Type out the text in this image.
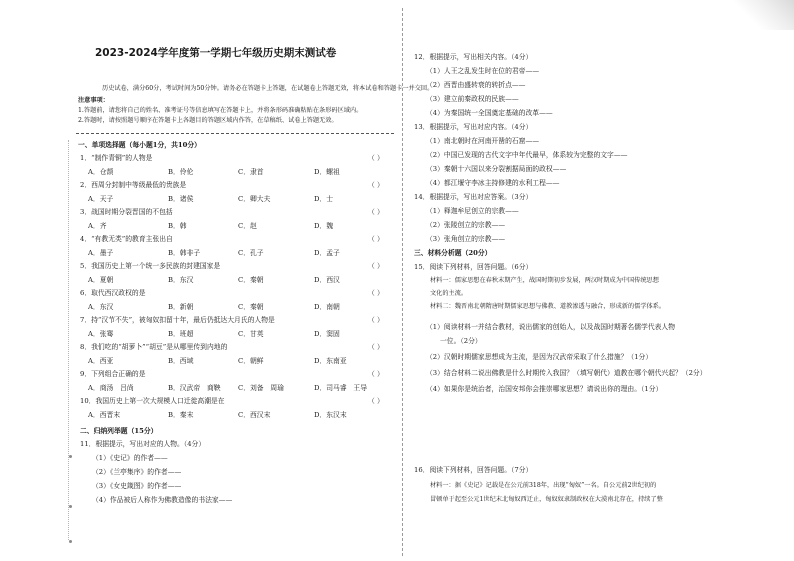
2023-2024学年度第一学期七年级历史期末测试卷
历史试卷，满分60分，考试时间为50分钟。请务必在答题卡上答题，在试题卷上答题无效，将本试卷和答题卡一并交回。
注意事项：
1.答题前，请您将自己的姓名、准考证号等信息填写在答题卡上，并将条形码准确粘贴在条形码区域内。
2.答题时，请按照题号顺序在答题卡上各题目的答题区域内作答，在草稿纸、试卷上答题无效。
一、单项选择题（每小题1分，共10分）
1．“制作青铜”的人物是	（ ）
A．仓颉	B．伶伦	C．隶首	D．螺祖
2．西周分封制中等级最低的贵族是	（ ）
A．天子	B．诸侯	C．卿大夫	D．士
3．战国时期分裂晋国的不包括	（ ）
A．齐	B．韩	C．赵	D．魏
4．“有教无类”的教育主张出自	（ ）
A．墨子	B．韩非子	C．孔子	D．孟子
5．我国历史上第一个统一多民族的封建国家是	（ ）
A．夏朝	B．东汉	C．秦朝	D．西汉
6．取代西汉政权的是	（ ）
A．东汉	B．新朝	C．秦朝	D．南朝
7．持“汉节不失”，被匈奴扣留十年，最后仍抵达大月氏的人物是	（ ）
A．张骞	B．班超	C．甘英	D．窦固
8．我们吃的“胡萝卜”“胡豆”是从哪里传到内地的	（ ）
A．西亚	B．西域	C．朝鲜	D．东南亚
9．下列组合正确的是	（ ）
A．商汤　吕尚	B．汉武帝　商鞅	C．刘备　周瑜	D．司马睿　王导
10．我国历史上第一次大规模人口迁徙高潮是在	（ ）
A．西晋末	B．秦末	C．西汉末	D．东汉末
二、归纳列举题（15分）
11．根据提示，写出对应的人物。（4分）
（1）《史记》的作者——
（2）《兰亭集序》的作者——
（3）《女史箴图》的作者——
（4）作品被后人称作为佛教造像的书法家——
12．根据提示，写出相关内容。（4分）
（1）人王之乱发生时在位的君帝——
（2）西晋由盛转衰的转折点——
（3）建立前秦政权的民族——
（4）为秦国统一全国奠定基础的改革——
13．根据提示，写出对应内容。（4分）
（1）南北朝时在河南开凿的石窟——
（2）中国已发现的古代文字中年代最早，体系较为完整的文字——
（3）秦朝十六国以来分裂割据局面的政权——
（4）都江堰守李冰主持修建的水利工程——
14．根据提示，写出对应答案。（3分）
（1）释迦牟尼创立的宗教——
（2）张陵创立的宗教——
（3）张角创立的宗教——
三、材料分析题（20分）
15．阅读下列材料，回答问题。（6分）
材料一：儒家思想在春秋末期产生，战国时期初步发展，两汉时期成为中国传统思想
文化的主流。
材料二：魏晋南北朝隋唐时期儒家思想与佛教、道教渗透与融合，形成新的儒学体系。
（1）阅读材料一并结合教材，说出儒家的创始人，以及战国时期著名儒学代表人物
一位。（2分）
（2）汉朝时期儒家思想成为主流，是因为汉武帝采取了什么措施？（1分）
（3）结合材料二说出佛教是什么时期传入我国？（填写朝代）道教在哪个朝代兴起？（2分）
（4）如果你是统治者，治国安邦你会推崇哪家思想？请说出你的理由。（1分）
16．阅读下列材料，回答问题。（7分）
材料一：据《史记》记载是在公元前318年，出现“匈奴”一名。自公元前2世纪初的
冒顿单于起至公元1世纪末北匈奴西迁止，匈奴奴隶制政权在大漠南北存在，持续了整
